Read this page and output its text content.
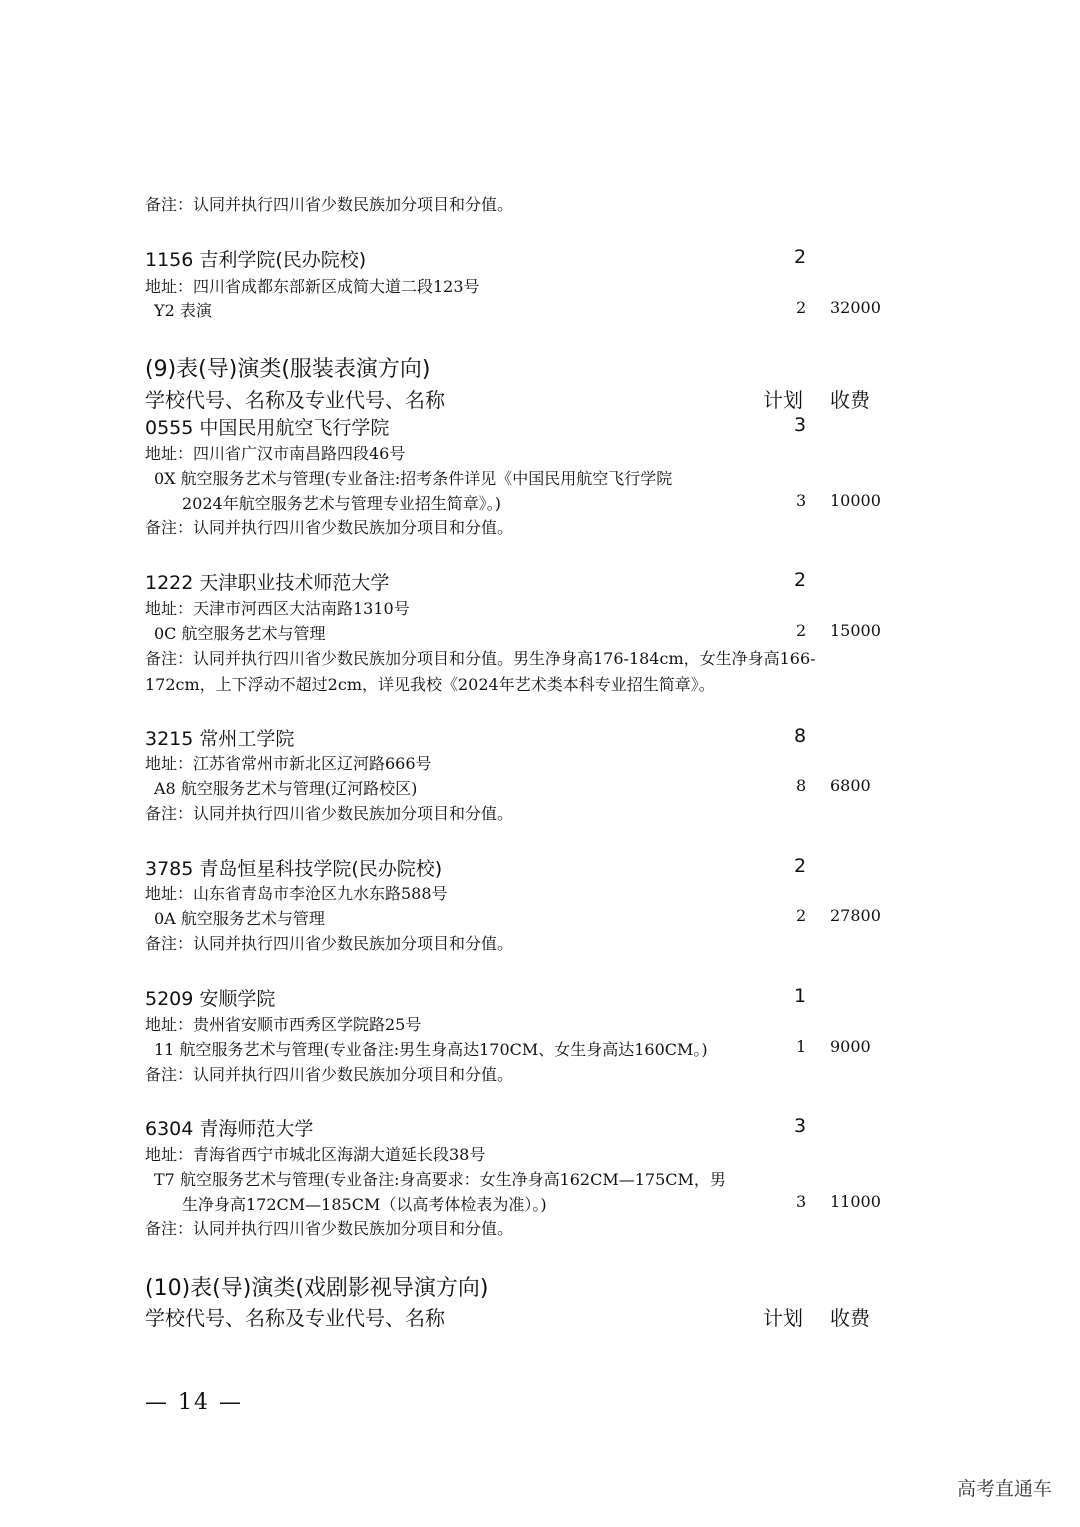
备注：认同并执行四川省少数民族加分项目和分值。
1156 吉利学院(民办院校)	2
地址：四川省成都东部新区成简大道二段123号
Y2 表演	2 32000
(9)表(导)演类(服装表演方向)
学校代号、名称及专业代号、名称	计划 收费
0555 中国民用航空飞行学院	3
地址：四川省广汉市南昌路四段46号
0X 航空服务艺术与管理(专业备注:招考条件详见《中国民用航空飞行学院
2024年航空服务艺术与管理专业招生简章》。)	3 10000
备注：认同并执行四川省少数民族加分项目和分值。
1222 天津职业技术师范大学	2
地址：天津市河西区大沽南路1310号
0C 航空服务艺术与管理	2 15000
备注：认同并执行四川省少数民族加分项目和分值。男生净身高176-184cm，女生净身高166-
172cm，上下浮动不超过2cm，详见我校《2024年艺术类本科专业招生简章》。
3215 常州工学院	8
地址：江苏省常州市新北区辽河路666号
A8 航空服务艺术与管理(辽河路校区)	8 6800
备注：认同并执行四川省少数民族加分项目和分值。
3785 青岛恒星科技学院(民办院校)	2
地址：山东省青岛市李沧区九水东路588号
0A 航空服务艺术与管理	2 27800
备注：认同并执行四川省少数民族加分项目和分值。
5209 安顺学院	1
地址：贵州省安顺市西秀区学院路25号
11 航空服务艺术与管理(专业备注:男生身高达170CM、女生身高达160CM。)	1 9000
备注：认同并执行四川省少数民族加分项目和分值。
6304 青海师范大学	3
地址：青海省西宁市城北区海湖大道延长段38号
T7 航空服务艺术与管理(专业备注:身高要求：女生净身高162CM—175CM，男
生净身高172CM—185CM（以高考体检表为准）。)	3 11000
备注：认同并执行四川省少数民族加分项目和分值。
(10)表(导)演类(戏剧影视导演方向)
学校代号、名称及专业代号、名称	计划 收费
— 14 —
高考直通车
